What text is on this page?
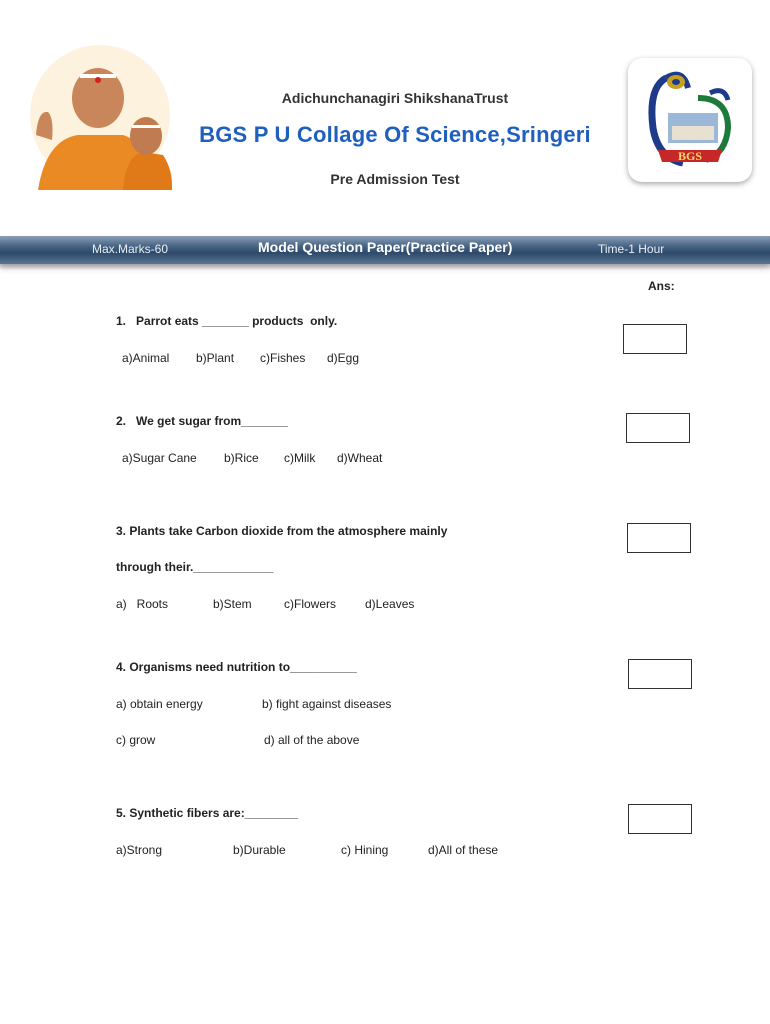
Adichunchanagiri ShikshanaTrust
BGS P U Collage Of Science,Sringeri
Pre Admission Test
BGS
Max.Marks-60	Model Question Paper(Practice Paper)	Time-1 Hour
Ans:
1.   Parrot eats _______ products  only.
a)Animal b)Plant c)Fishes d)Egg
2.   We get sugar from_______
a)Sugar Cane b)Rice c)Milk d)Wheat
3. Plants take Carbon dioxide from the atmosphere mainly
through their.____________
a)   Roots	b)Stem	c)Flowers d)Leaves
4. Organisms need nutrition to__________
a) obtain energy	b) fight against diseases
c) grow	d) all of the above
5. Synthetic fibers are:________
a)Strong	b)Durable	c) Hining	d)All of these
